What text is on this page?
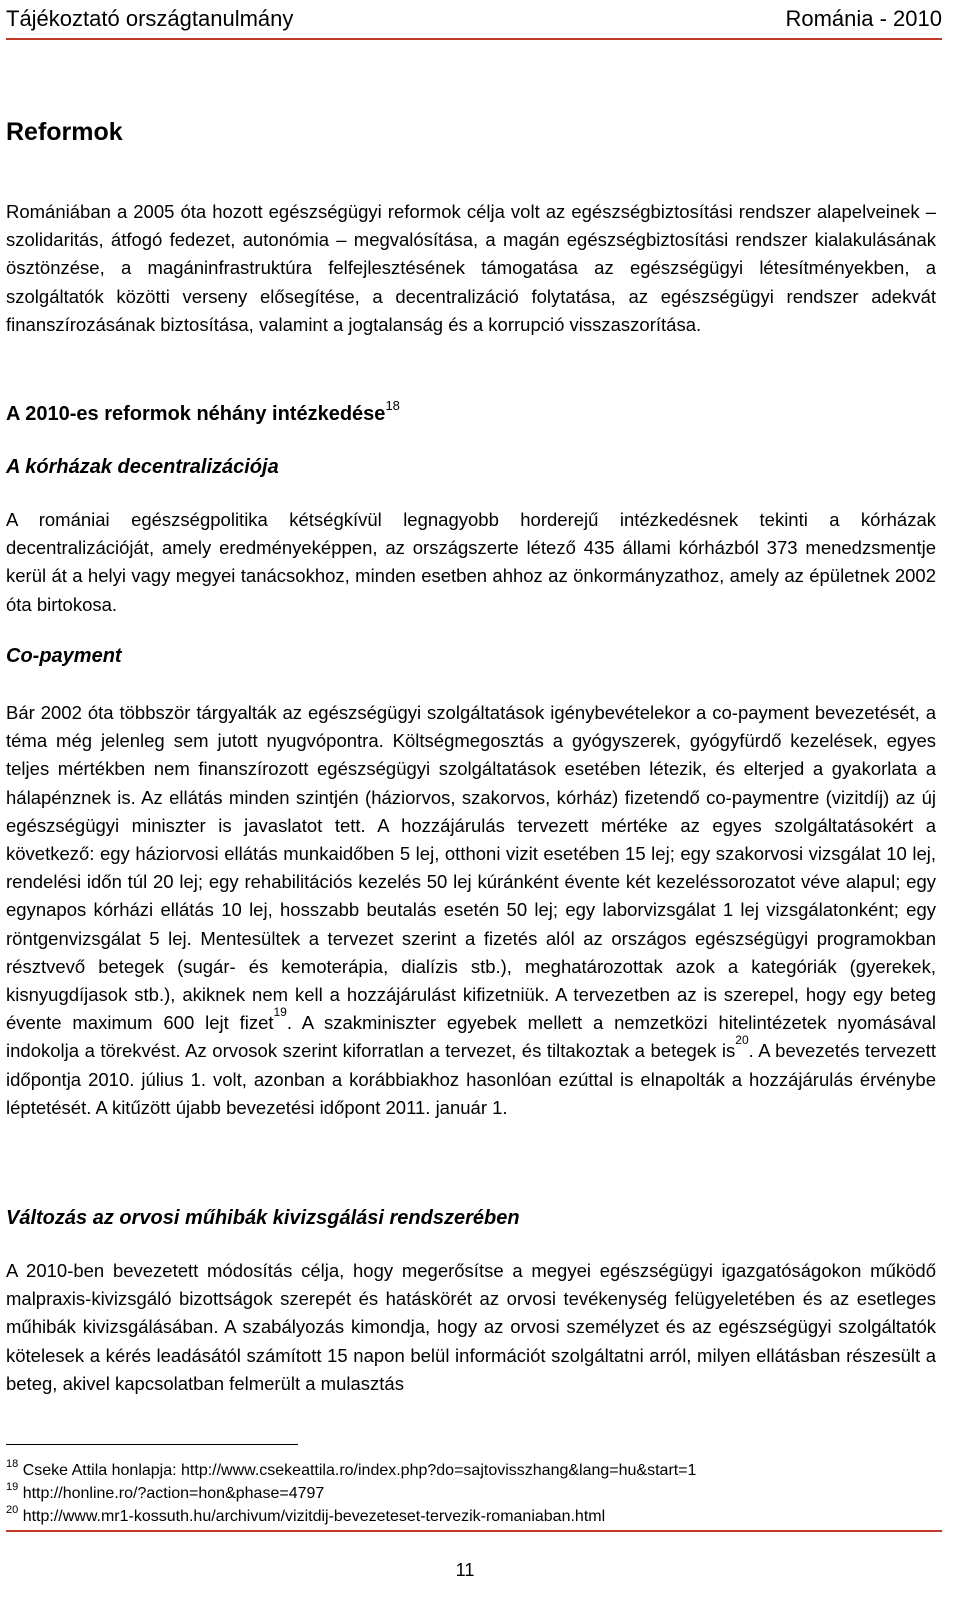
Tájékoztató országtanulmány	Románia - 2010
Reformok

Romániában a 2005 óta hozott egészségügyi reformok célja volt az egészségbiztosítási rendszer alapelveinek – szolidaritás, átfogó fedezet, autonómia – megvalósítása, a magán egészségbiztosítási rendszer kialakulásának ösztönzése, a magáninfrastruktúra felfejlesztésének támogatása az egészségügyi létesítményekben, a szolgáltatók közötti verseny elősegítése, a decentralizáció folytatása, az egészségügyi rendszer adekvát finanszírozásának biztosítása, valamint a jogtalanság és a korrupció visszaszorítása.

A 2010-es reformok néhány intézkedése$^{18}$
A kórházak decentralizációja

A romániai egészségpolitika kétségkívül legnagyobb horderejű intézkedésnek tekinti a kórházak decentralizációját, amely eredményeképpen, az országszerte létező 435 állami kórházból 373 menedzsmentje kerül át a helyi vagy megyei tanácsokhoz, minden esetben ahhoz az önkormányzathoz, amely az épületnek 2002 óta birtokosa.

Co-payment

Bár 2002 óta többször tárgyalták az egészségügyi szolgáltatások igénybevételekor a co-payment bevezetését, a téma még jelenleg sem jutott nyugvópontra. Költségmegosztás a gyógyszerek, gyógyfürdő kezelések, egyes teljes mértékben nem finanszírozott egészségügyi szolgáltatások esetében létezik, és elterjed a gyakorlata a hálapénznek is. Az ellátás minden szintjén (háziorvos, szakorvos, kórház) fizetendő co-paymentre (vizitdíj) az új egészségügyi miniszter is javaslatot tett. A hozzájárulás tervezett mértéke az egyes szolgáltatásokért a következő: egy háziorvosi ellátás munkaidőben 5 lej, otthoni vizit esetében 15 lej; egy szakorvosi vizsgálat 10 lej, rendelési időn túl 20 lej; egy rehabilitációs kezelés 50 lej kúránként évente két kezeléssorozatot véve alapul; egy egynapos kórházi ellátás 10 lej, hosszabb beutalás esetén 50 lej; egy laborvizsgálat 1 lej vizsgálatonként; egy röntgenvizsgálat 5 lej. Mentesültek a tervezet szerint a fizetés alól az országos egészségügyi programokban résztvevő betegek (sugár- és kemoterápia, dialízis stb.), meghatározottak azok a kategóriák (gyerekek, kisnyugdíjasok stb.), akiknek nem kell a hozzájárulást kifizetniük. A tervezetben az is szerepel, hogy egy beteg évente maximum 600 lejt fizet$^{19}$. A szakminiszter egyebek mellett a nemzetközi hitelintézetek nyomásával indokolja a törekvést. Az orvosok szerint kiforratlan a tervezet, és tiltakoztak a betegek $is^{20}$. A bevezetés tervezett időpontja 2010. július 1. volt, azonban a korábbiakhoz hasonlóan ezúttal is elnapolták a hozzájárulás érvénybe léptetését. A kitűzött újabb bevezetési időpont 2011. január 1.

Változás az orvosi műhibák kivizsgálási rendszerében

A 2010-ben bevezetett módosítás célja, hogy megerősítse a megyei egészségügyi igazgatóságokon működő malpraxis-kivizsgáló bizottságok szerepét és hatáskörét az orvosi tevékenység felügyeletében és az esetleges műhibák kivizsgálásában. A szabályozás kimondja, hogy az orvosi személyzet és az egészségügyi szolgáltatók kötelesek a kérés leadásától számított 15 napon belül információt szolgáltatni arról, milyen ellátásban részesült a beteg, akivel kapcsolatban felmerült a mulasztás

$^{18}$ Cseke Attila honlapja: http://www.csekeattila.ro/index.php?do=sajtovisszhang&lang=hu&start=1
$^{19}$ http://honline.ro/?action=hon&phase=4797
$^{20}$ http://www.mr1-kossuth.hu/archivum/vizitdij-bevezeteset-tervezik-romaniaban.html
11
